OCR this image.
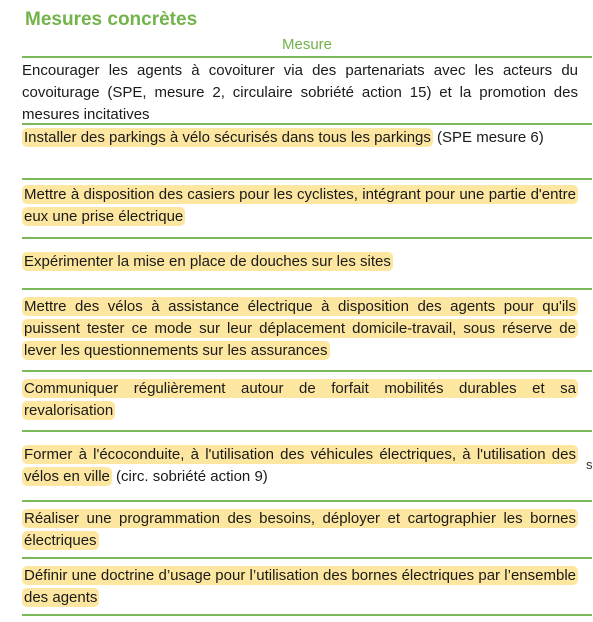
Mesures concrètes
Mesure
Encourager les agents à covoiturer via des partenariats avec les acteurs du covoiturage (SPE, mesure 2, circulaire sobriété action 15) et la promotion des mesures incitatives
Installer des parkings à vélo sécurisés dans tous les parkings (SPE mesure 6)
Mettre à disposition des casiers pour les cyclistes, intégrant pour une partie d'entre eux une prise électrique
Expérimenter la mise en place de douches sur les sites
Mettre des vélos à assistance électrique à disposition des agents pour qu'ils puissent tester ce mode sur leur déplacement domicile-travail, sous réserve de lever les questionnements sur les assurances
Communiquer régulièrement autour de forfait mobilités durables et sa revalorisation
Former à l'écoconduite, à l'utilisation des véhicules électriques, à l'utilisation des vélos en ville (circ. sobriété action 9)
Réaliser une programmation des besoins, déployer et cartographier les bornes électriques
Définir une doctrine d’usage pour l’utilisation des bornes électriques par l’ensemble des agents
s
